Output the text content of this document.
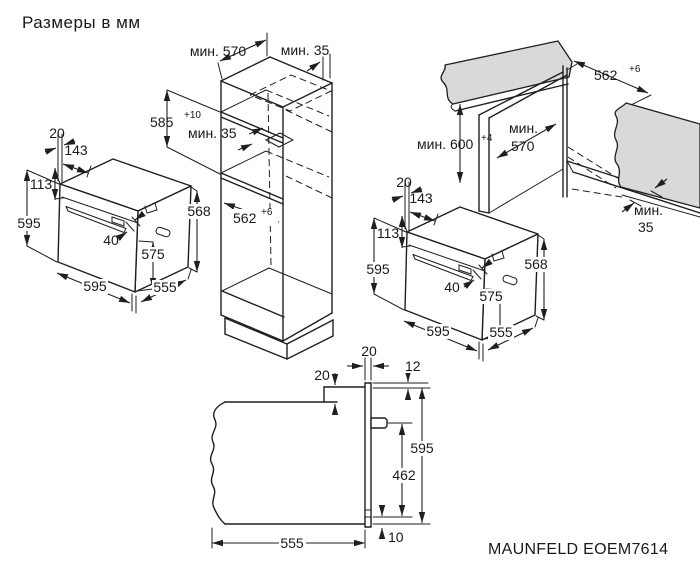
Размеры в мм
мин. 570 мин. 35
585 +10
мин. 35
562 +6
20
143
113
595
40
575
568
595	555
20
143
113
595
40
575
568
595	555
562 +6
мин. 600 +4
мин.
570
мин.
35
20
20
12
595
462
10
555	MAUNFELD EOEM7614
